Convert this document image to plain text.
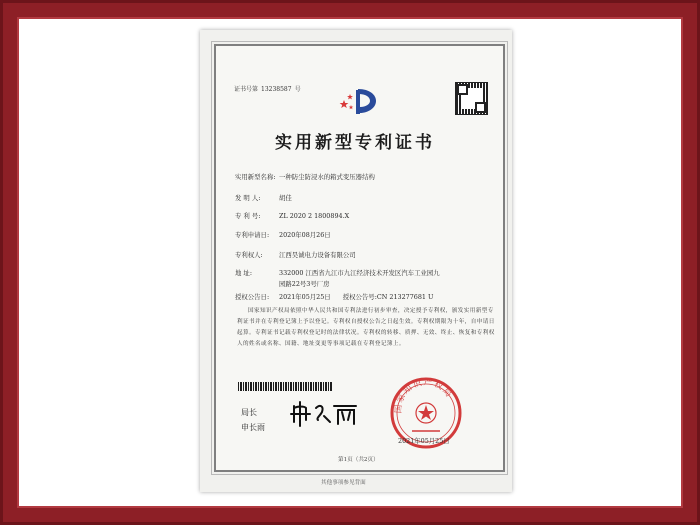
证书号第 13238587 号
实用新型专利证书
实用新型名称: 一种防尘防浸水的箱式变压器结构
发 明 人:	胡佳
专 利 号:	ZL 2020 2 1800894.X
专利申请日: 2020年08月26日
专利权人:	江西昊诚电力设备有限公司
地 址:	332000 江西省九江市九江经济技术开发区汽车工业园九
园路22号3号厂房
授权公告日: 2021年05月25日 授权公告号:CN 213277681 U
国家知识产权局依照中华人民共和国专利法进行初步审查，决定授予专利权，颁发实用新型专利证书并在专利登记簿上予以登记。专利权自授权公告之日起生效。专利权期限为十年，自申请日起算。专利证书记载专利权登记时的法律状况。专利权的转移、质押、无效、终止、恢复和专利权人的姓名或名称、国籍、地址变更等事项记载在专利登记簿上。
局长
申长雨
国家知识产权局
2021年05月25日
第1页（共2页）
其他事项参见背面
